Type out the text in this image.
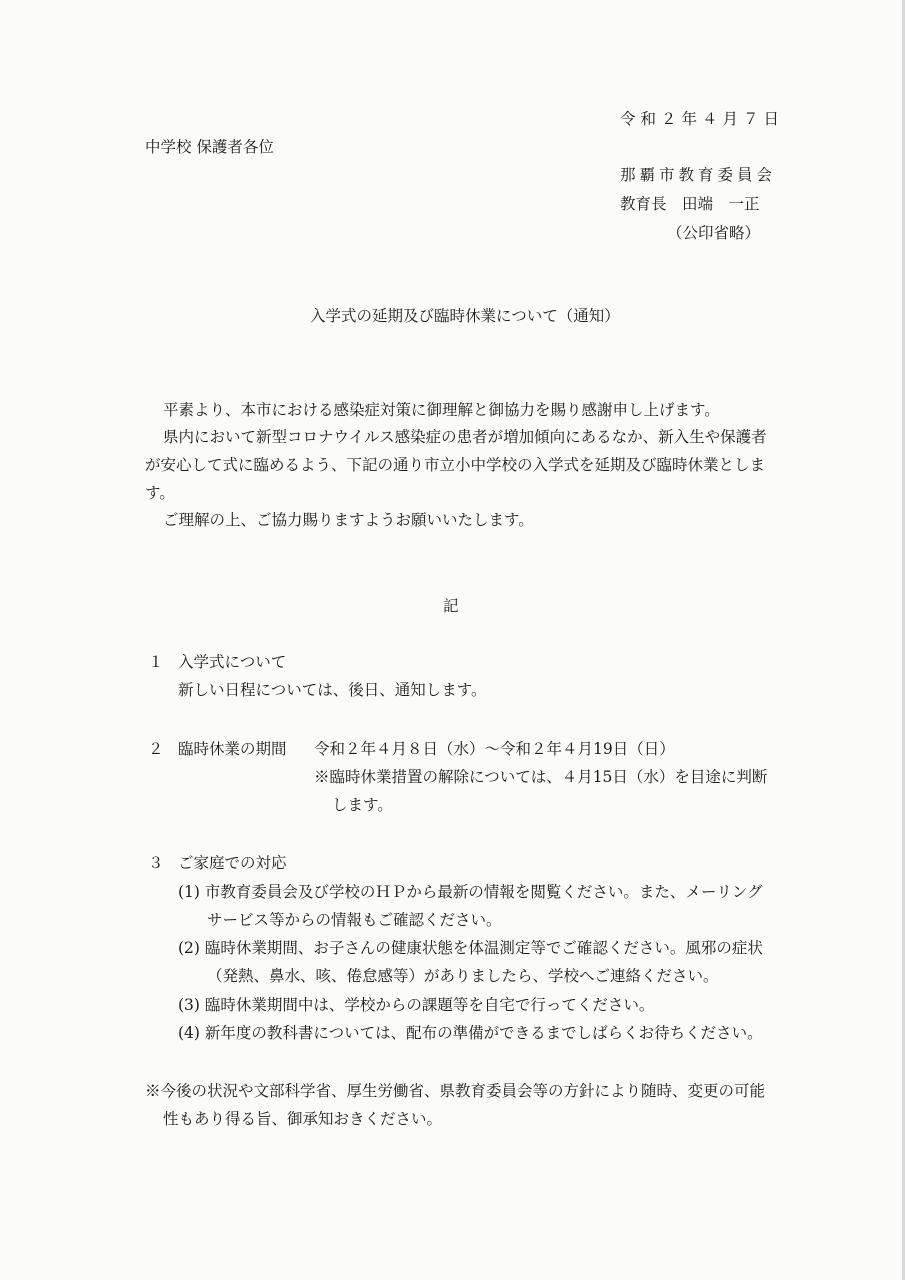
令和２年４月７日
中学校 保護者各位
那覇市教育委員会
教育長　田端　一正
（公印省略）
入学式の延期及び臨時休業について（通知）
平素より、本市における感染症対策に御理解と御協力を賜り感謝申し上げます。
県内において新型コロナウイルス感染症の患者が増加傾向にあるなか、新入生や保護者
が安心して式に臨めるよう、下記の通り市立小中学校の入学式を延期及び臨時休業としま
す。
ご理解の上、ご協力賜りますようお願いいたします。
記
１ 入学式について
新しい日程については、後日、通知します。
２ 臨時休業の期間 令和２年４月８日（水）～令和２年４月19日（日）
※臨時休業措置の解除については、４月15日（水）を目途に判断
します。
３ ご家庭での対応
(1) 市教育委員会及び学校のＨＰから最新の情報を閲覧ください。また、メーリング
サービス等からの情報もご確認ください。
(2) 臨時休業期間、お子さんの健康状態を体温測定等でご確認ください。風邪の症状
（発熱、鼻水、咳、倦怠感等）がありましたら、学校へご連絡ください。
(3) 臨時休業期間中は、学校からの課題等を自宅で行ってください。
(4) 新年度の教科書については、配布の準備ができるまでしばらくお待ちください。
※今後の状況や文部科学省、厚生労働省、県教育委員会等の方針により随時、変更の可能
性もあり得る旨、御承知おきください。
